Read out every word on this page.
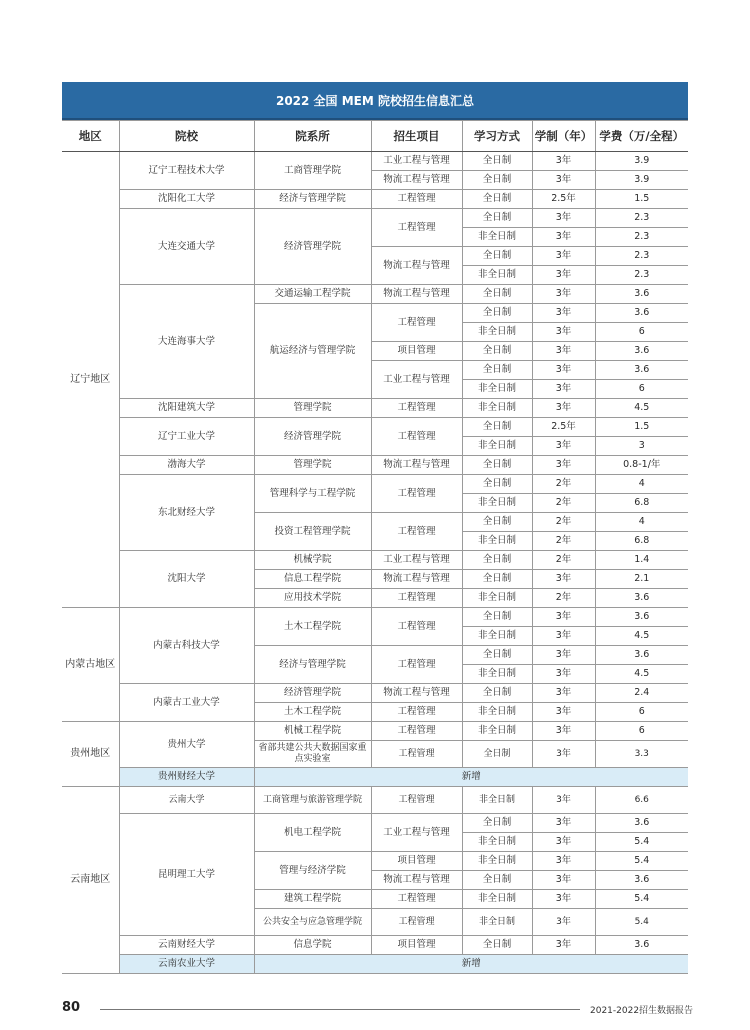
2022 全国 MEM 院校招生信息汇总
地区	院校	院系所	招生项目	学习方式	学制（年）	学费（万/全程）
辽宁地区	辽宁工程技术大学	工商管理学院	工业工程与管理	全日制	3年	3.9
			物流工程与管理	全日制	3年	3.9
	沈阳化工大学	经济与管理学院	工程管理	全日制	2.5年	1.5
	大连交通大学	经济管理学院	工程管理	全日制	3年	2.3
				非全日制	3年	2.3
			物流工程与管理	全日制	3年	2.3
				非全日制	3年	2.3
	大连海事大学	交通运输工程学院	物流工程与管理	全日制	3年	3.6
		航运经济与管理学院	工程管理	全日制	3年	3.6
				非全日制	3年	6
			项目管理	全日制	3年	3.6
			工业工程与管理	全日制	3年	3.6
				非全日制	3年	6
	沈阳建筑大学	管理学院	工程管理	非全日制	3年	4.5
	辽宁工业大学	经济管理学院	工程管理	全日制	2.5年	1.5
				非全日制	3年	3
	渤海大学	管理学院	物流工程与管理	全日制	3年	0.8-1/年
	东北财经大学	管理科学与工程学院	工程管理	全日制	2年	4
				非全日制	2年	6.8
		投资工程管理学院	工程管理	全日制	2年	4
				非全日制	2年	6.8
	沈阳大学	机械学院	工业工程与管理	全日制	2年	1.4
		信息工程学院	物流工程与管理	全日制	3年	2.1
		应用技术学院	工程管理	非全日制	2年	3.6
内蒙古地区	内蒙古科技大学	土木工程学院	工程管理	全日制	3年	3.6
				非全日制	3年	4.5
		经济与管理学院	工程管理	全日制	3年	3.6
				非全日制	3年	4.5
	内蒙古工业大学	经济管理学院	物流工程与管理	全日制	3年	2.4
		土木工程学院	工程管理	非全日制	3年	6
贵州地区	贵州大学	机械工程学院	工程管理	非全日制	3年	6
		省部共建公共大数据国家重点实验室	工程管理	全日制	3年	3.3
	贵州财经大学	新增				
云南地区	云南大学	工商管理与旅游管理学院	工程管理	非全日制	3年	6.6
	昆明理工大学	机电工程学院	工业工程与管理	全日制	3年	3.6
				非全日制	3年	5.4
		管理与经济学院	项目管理	非全日制	3年	5.4
			物流工程与管理	全日制	3年	3.6
		建筑工程学院	工程管理	非全日制	3年	5.4
		公共安全与应急管理学院	工程管理	非全日制	3年	5.4
	云南财经大学	信息学院	项目管理	全日制	3年	3.6
	云南农业大学	新增				
80	2021-2022招生数据报告
